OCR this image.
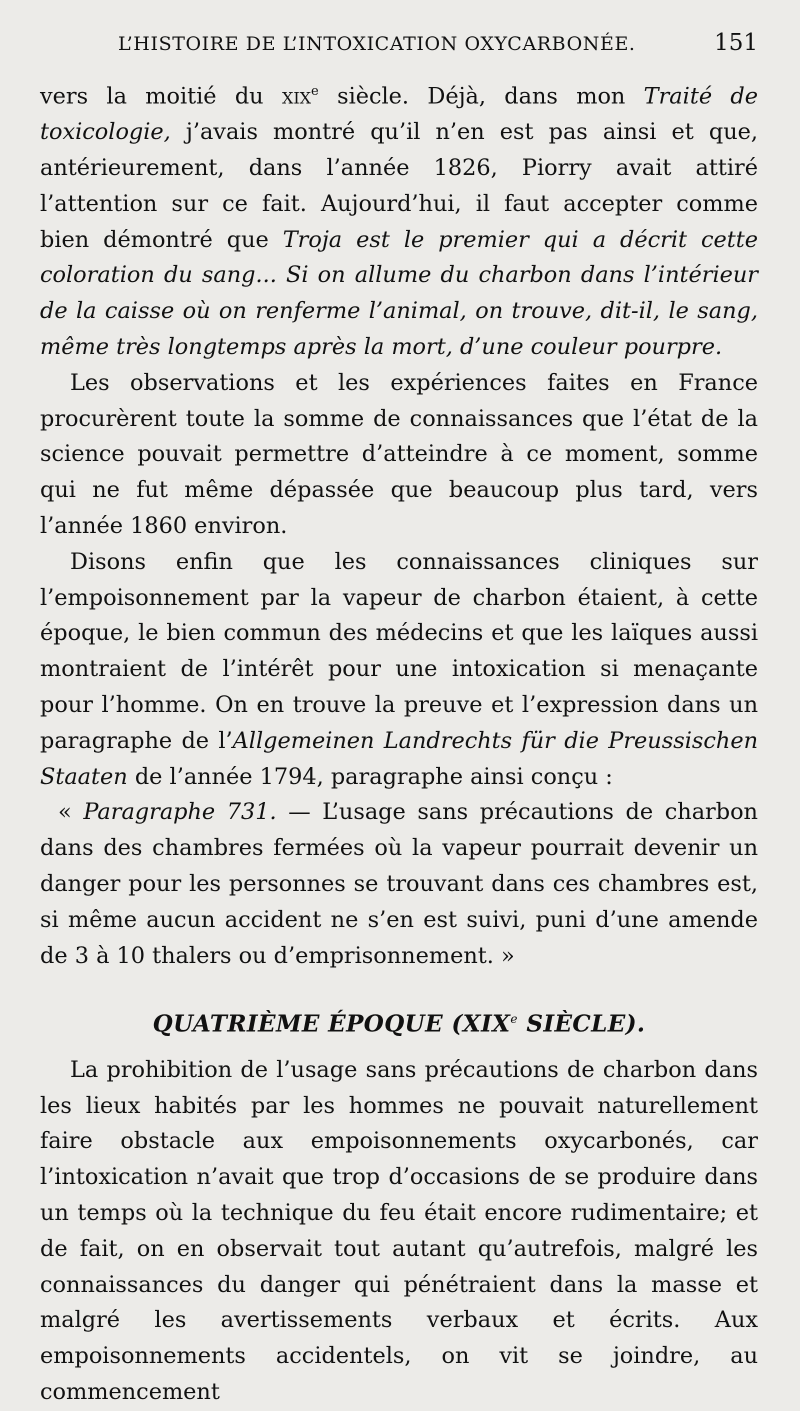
L’HISTOIRE DE L’INTOXICATION OXYCARBONÉE.	151

vers la moitié du xix$^e$ siècle. Déjà, dans mon Traité de toxicologie, j’avais montré qu’il n’en est pas ainsi et que, antérieurement, dans l’année 1826, Piorry avait attiré l’attention sur ce fait. Aujourd’hui, il faut accepter comme bien démontré que Troja est le premier qui a décrit cette coloration du sang... Si on allume du charbon dans l’intérieur de la caisse où on renferme l’animal, on trouve, dit-il, le sang, même très longtemps après la mort, d’une couleur pourpre.

Les observations et les expériences faites en France procurèrent toute la somme de connaissances que l’état de la science pouvait permettre d’atteindre à ce moment, somme qui ne fut même dépassée que beaucoup plus tard, vers l’année 1860 environ.

Disons enfin que les connaissances cliniques sur l’empoisonnement par la vapeur de charbon étaient, à cette époque, le bien commun des médecins et que les laïques aussi montraient de l’intérêt pour une intoxication si menaçante pour l’homme. On en trouve la preuve et l’expression dans un paragraphe de l’Allgemeinen Landrechts für die Preussischen Staaten de l’année 1794, paragraphe ainsi conçu :

« Paragraphe 731. — L’usage sans précautions de charbon dans des chambres fermées où la vapeur pourrait devenir un danger pour les personnes se trouvant dans ces chambres est, si même aucun accident ne s’en est suivi, puni d’une amende de 3 à 10 thalers ou d’emprisonnement. »

QUATRIÈME ÉPOQUE (XIXe SIÈCLE).

La prohibition de l’usage sans précautions de charbon dans les lieux habités par les hommes ne pouvait naturellement faire obstacle aux empoisonnements oxycarbonés, car l’intoxication n’avait que trop d’occasions de se produire dans un temps où la technique du feu était encore rudimentaire; et de fait, on en observait tout autant qu’autrefois, malgré les connaissances du danger qui pénétraient dans la masse et malgré les avertissements verbaux et écrits. Aux empoisonnements accidentels, on vit se joindre, au commencement
